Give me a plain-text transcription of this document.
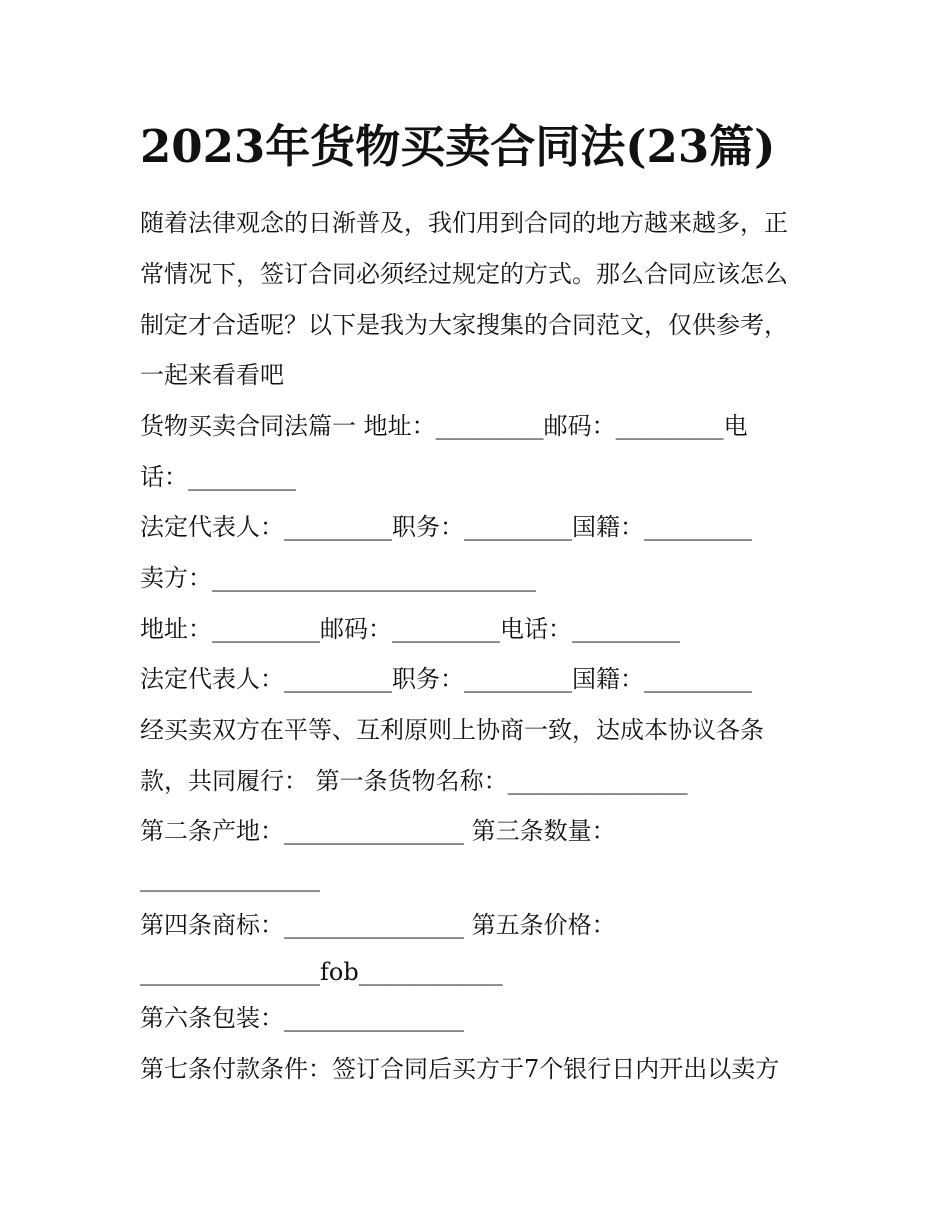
2023年货物买卖合同法(23篇)
随着法律观念的日渐普及，我们用到合同的地方越来越多，正
常情况下，签订合同必须经过规定的方式。那么合同应该怎么
制定才合适呢？以下是我为大家搜集的合同范文，仅供参考，
一起来看看吧
货物买卖合同法篇一 地址：_________邮码：_________电
话：_________
法定代表人：_________职务：_________国籍：_________
卖方：___________________________
地址：_________邮码：_________电话：_________
法定代表人：_________职务：_________国籍：_________
经买卖双方在平等、互利原则上协商一致，达成本协议各条
款，共同履行： 第一条货物名称：_______________
第二条产地：_______________ 第三条数量：
_______________
第四条商标：_______________ 第五条价格：
_______________fob____________
第六条包装：_______________
第七条付款条件：签订合同后买方于7个银行日内开出以卖方
